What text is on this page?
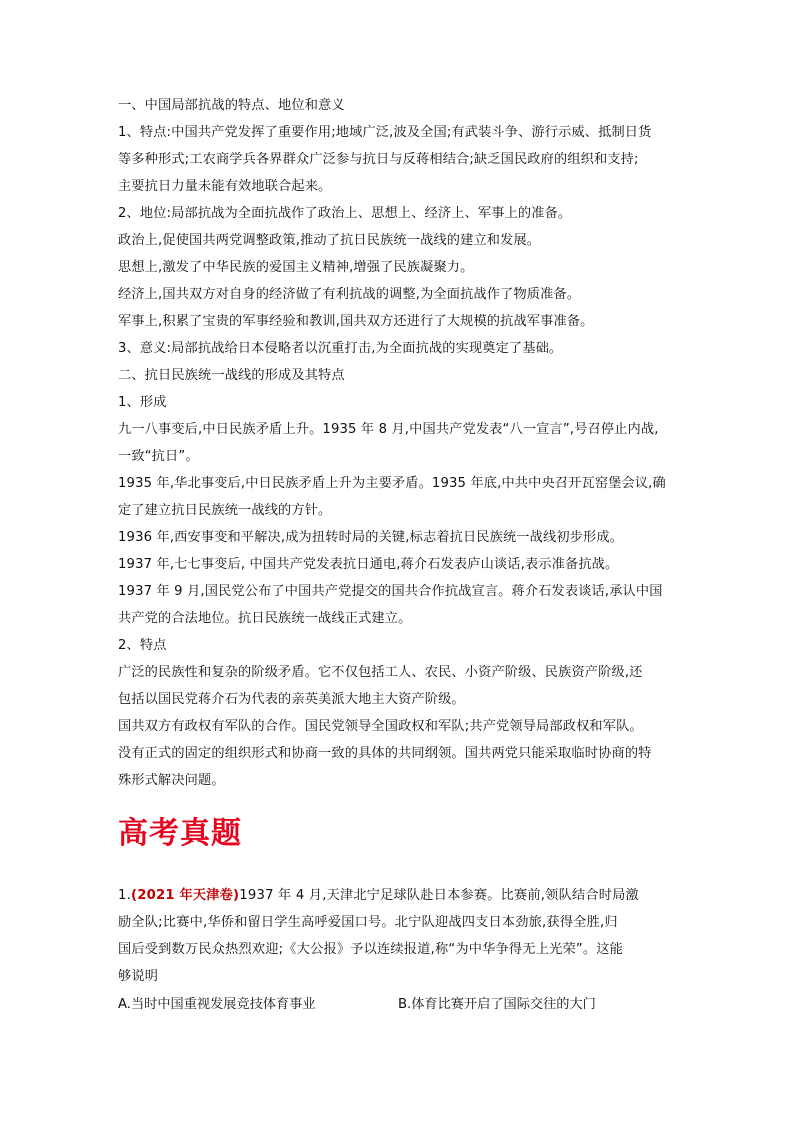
一、中国局部抗战的特点、地位和意义
1、特点:中国共产党发挥了重要作用;地域广泛,波及全国;有武装斗争、游行示威、抵制日货
等多种形式;工农商学兵各界群众广泛参与抗日与反蒋相结合;缺乏国民政府的组织和支持;
主要抗日力量未能有效地联合起来。
2、地位:局部抗战为全面抗战作了政治上、思想上、经济上、军事上的准备。
政治上,促使国共两党调整政策,推动了抗日民族统一战线的建立和发展。
思想上,激发了中华民族的爱国主义精神,增强了民族凝聚力。
经济上,国共双方对自身的经济做了有利抗战的调整,为全面抗战作了物质准备。
军事上,积累了宝贵的军事经验和教训,国共双方还进行了大规模的抗战军事准备。
3、意义:局部抗战给日本侵略者以沉重打击,为全面抗战的实现奠定了基础。
二、抗日民族统一战线的形成及其特点
1、形成
九一八事变后,中日民族矛盾上升。1935 年 8 月,中国共产党发表“八一宣言”,号召停止内战,
一致“抗日”。
1935 年,华北事变后,中日民族矛盾上升为主要矛盾。1935 年底,中共中央召开瓦窑堡会议,确
定了建立抗日民族统一战线的方针。
1936 年,西安事变和平解决,成为扭转时局的关键,标志着抗日民族统一战线初步形成。
1937 年,七七事变后, 中国共产党发表抗日通电,蒋介石发表庐山谈话,表示准备抗战。
1937 年 9 月,国民党公布了中国共产党提交的国共合作抗战宣言。蒋介石发表谈话,承认中国
共产党的合法地位。抗日民族统一战线正式建立。
2、特点
广泛的民族性和复杂的阶级矛盾。它不仅包括工人、农民、小资产阶级、民族资产阶级,还
包括以国民党蒋介石为代表的亲英美派大地主大资产阶级。
国共双方有政权有军队的合作。国民党领导全国政权和军队;共产党领导局部政权和军队。
没有正式的固定的组织形式和协商一致的具体的共同纲领。国共两党只能采取临时协商的特
殊形式解决问题。
高考真题
1.(2021 年天津卷)1937 年 4 月,天津北宁足球队赴日本参赛。比赛前,领队结合时局激
励全队;比赛中,华侨和留日学生高呼爱国口号。北宁队迎战四支日本劲旅,获得全胜,归
国后受到数万民众热烈欢迎;《大公报》予以连续报道,称“为中华争得无上光荣”。这能
够说明
A.当时中国重视发展竞技体育事业	B.体育比赛开启了国际交往的大门
